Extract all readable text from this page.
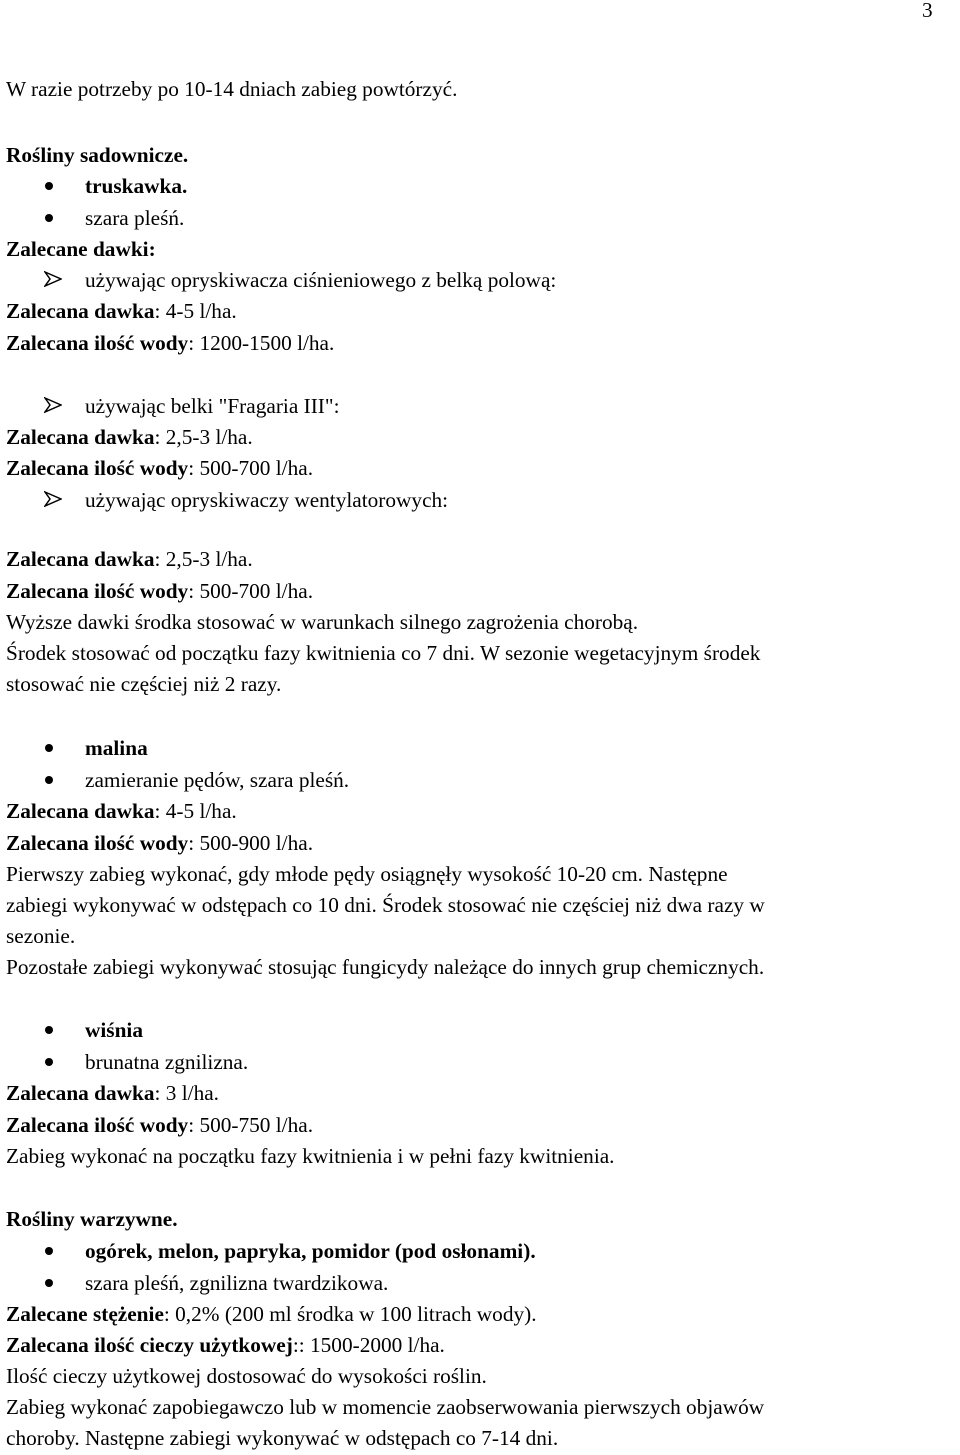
3
W razie potrzeby po 10-14 dniach zabieg powtórzyć.
Rośliny sadownicze.
truskawka.
szara pleśń.
Zalecane dawki:
używając opryskiwacza ciśnieniowego z belką polową:
Zalecana dawka: 4-5 l/ha.
Zalecana ilość wody: 1200-1500 l/ha.
używając belki "Fragaria III":
Zalecana dawka: 2,5-3 l/ha.
Zalecana ilość wody: 500-700 l/ha.
używając opryskiwaczy wentylatorowych:
Zalecana dawka: 2,5-3 l/ha.
Zalecana ilość wody: 500-700 l/ha.
Wyższe dawki środka stosować w warunkach silnego zagrożenia chorobą.
Środek stosować od początku fazy kwitnienia co 7 dni. W sezonie wegetacyjnym środek
stosować nie częściej niż 2 razy.
malina
zamieranie pędów, szara pleśń.
Zalecana dawka: 4-5 l/ha.
Zalecana ilość wody: 500-900 l/ha.
Pierwszy zabieg wykonać, gdy młode pędy osiągnęły wysokość 10-20 cm. Następne
zabiegi wykonywać w odstępach co 10 dni. Środek stosować nie częściej niż dwa razy w
sezonie.
Pozostałe zabiegi wykonywać stosując fungicydy należące do innych grup chemicznych.
wiśnia
brunatna zgnilizna.
Zalecana dawka: 3 l/ha.
Zalecana ilość wody: 500-750 l/ha.
Zabieg wykonać na początku fazy kwitnienia i w pełni fazy kwitnienia.
Rośliny warzywne.
ogórek, melon, papryka, pomidor (pod osłonami).
szara pleśń, zgnilizna twardzikowa.
Zalecane stężenie: 0,2% (200 ml środka w 100 litrach wody).
Zalecana ilość cieczy użytkowej:: 1500-2000 l/ha.
Ilość cieczy użytkowej dostosować do wysokości roślin.
Zabieg wykonać zapobiegawczo lub w momencie zaobserwowania pierwszych objawów
choroby. Następne zabiegi wykonywać w odstępach co 7-14 dni.
